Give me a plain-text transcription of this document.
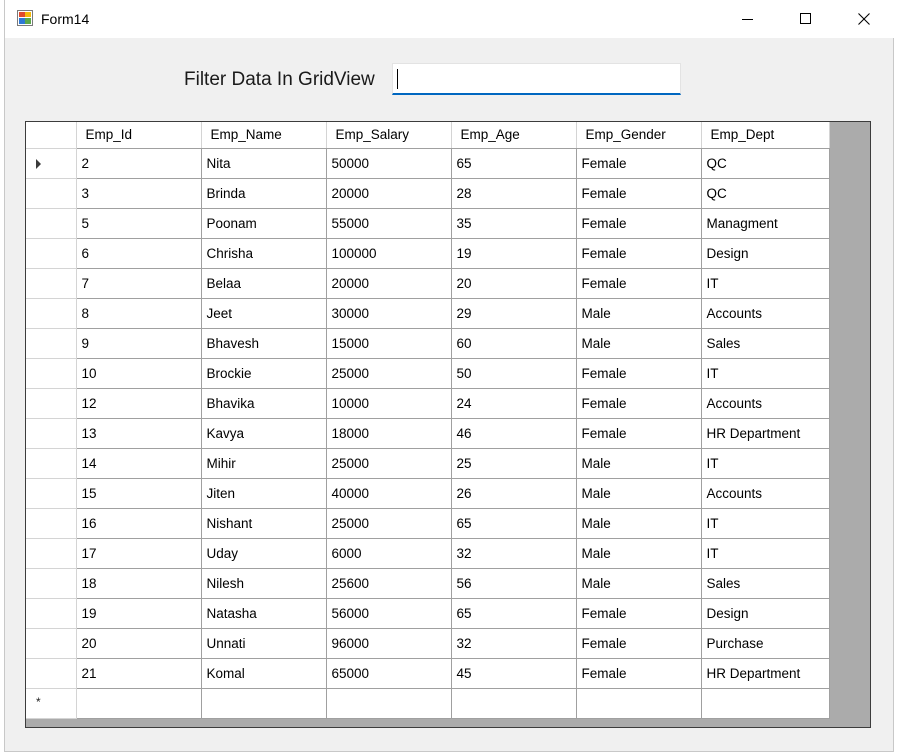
Form14
Filter Data In GridView
	Emp_Id	Emp_Name	Emp_Salary	Emp_Age	Emp_Gender	Emp_Dept

	2	Nita	50000	65	Female	QC
	3	Brinda	20000	28	Female	QC
	5	Poonam	55000	35	Female	Managment
	6	Chrisha	100000	19	Female	Design
	7	Belaa	20000	20	Female	IT
	8	Jeet	30000	29	Male	Accounts
	9	Bhavesh	15000	60	Male	Sales
	10	Brockie	25000	50	Female	IT
	12	Bhavika	10000	24	Female	Accounts
	13	Kavya	18000	46	Female	HR Department
	14	Mihir	25000	25	Male	IT
	15	Jiten	40000	26	Male	Accounts
	16	Nishant	25000	65	Male	IT
	17	Uday	6000	32	Male	IT
	18	Nilesh	25600	56	Male	Sales
	19	Natasha	56000	65	Female	Design
	20	Unnati	96000	32	Female	Purchase
	21	Komal	65000	45	Female	HR Department

*						
